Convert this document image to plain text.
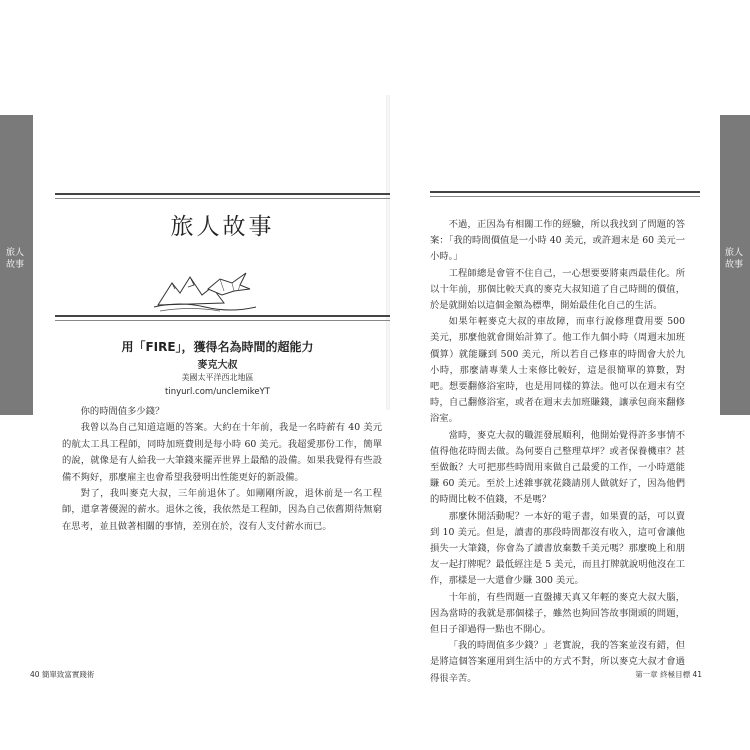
旅人故事
旅人故事
旅人故事
用「FIRE」，獲得名為時間的超能力
麥克大叔
美國太平洋西北地區
tinyurl.com/unclemikeYT

你的時間值多少錢？

我曾以為自己知道這題的答案。大約在十年前，我是一名時薪有 40 美元的航太工具工程師，同時加班費則是每小時 60 美元。我超愛那份工作，簡單的說，就像是有人給我一大筆錢來擺弄世界上最酷的設備。如果我覺得有些設備不夠好，那麼雇主也會希望我發明出性能更好的新設備。

對了，我叫麥克大叔，三年前退休了。如剛剛所說，退休前是一名工程師，還拿著優渥的薪水。退休之後，我依然是工程師，因為自己依舊期待無窮在思考，並且做著相關的事情，差別在於，沒有人支付薪水而已。

不過，正因為有相關工作的經驗，所以我找到了問題的答案：「我的時間價值是一小時 40 美元，或許週末是 60 美元一小時。」

工程師總是會管不住自己，一心想要要將東西最佳化。所以十年前，那個比較天真的麥克大叔知道了自己時間的價值，於是就開始以這個金額為標準，開始最佳化自己的生活。

如果年輕麥克大叔的車故障，而車行說修理費用要 500 美元，那麼他就會開始計算了。他工作九個小時（周週末加班價算）就能賺到 500 美元，所以若自己修車的時間會大於九小時，那麼請專業人士來修比較好，這是很簡單的算數，對吧。想要翻修浴室時，也是用同樣的算法。他可以在週末有空時，自己翻修浴室，或者在週末去加班賺錢，讓承包商來翻修浴室。

當時，麥克大叔的職涯發展順利，他開始覺得許多事情不值得他花時間去做。為何要自己整理草坪？或者保養機車？甚至做飯？大可把那些時間用來做自己最愛的工作，一小時還能賺 60 美元。至於上述雜事就花錢請別人做就好了，因為他們的時間比較不值錢，不是嗎？

那麼休閒活動呢？一本好的電子書，如果賣的話，可以賣到 10 美元。但是，讀書的那段時間都沒有收入，這可會讓他損失一大筆錢，你會為了讀書放棄數千美元嗎？那麼晚上和朋友一起打牌呢？最低經注是 5 美元，而且打牌就說明他沒在工作，那樣是一大還會少賺 300 美元。

十年前，有些問題一直盤據天真又年輕的麥克大叔大腦，因為當時的我就是那個樣子，雖然也夠回答故事開頭的問題，但日子卻過得一點也不開心。

「我的時間值多少錢？」老實說，我的答案並沒有錯，但是將這個答案運用到生活中的方式不對，所以麥克大叔才會過得很辛苦。

40 簡單致富實踐術	第一章 終極目標 41
